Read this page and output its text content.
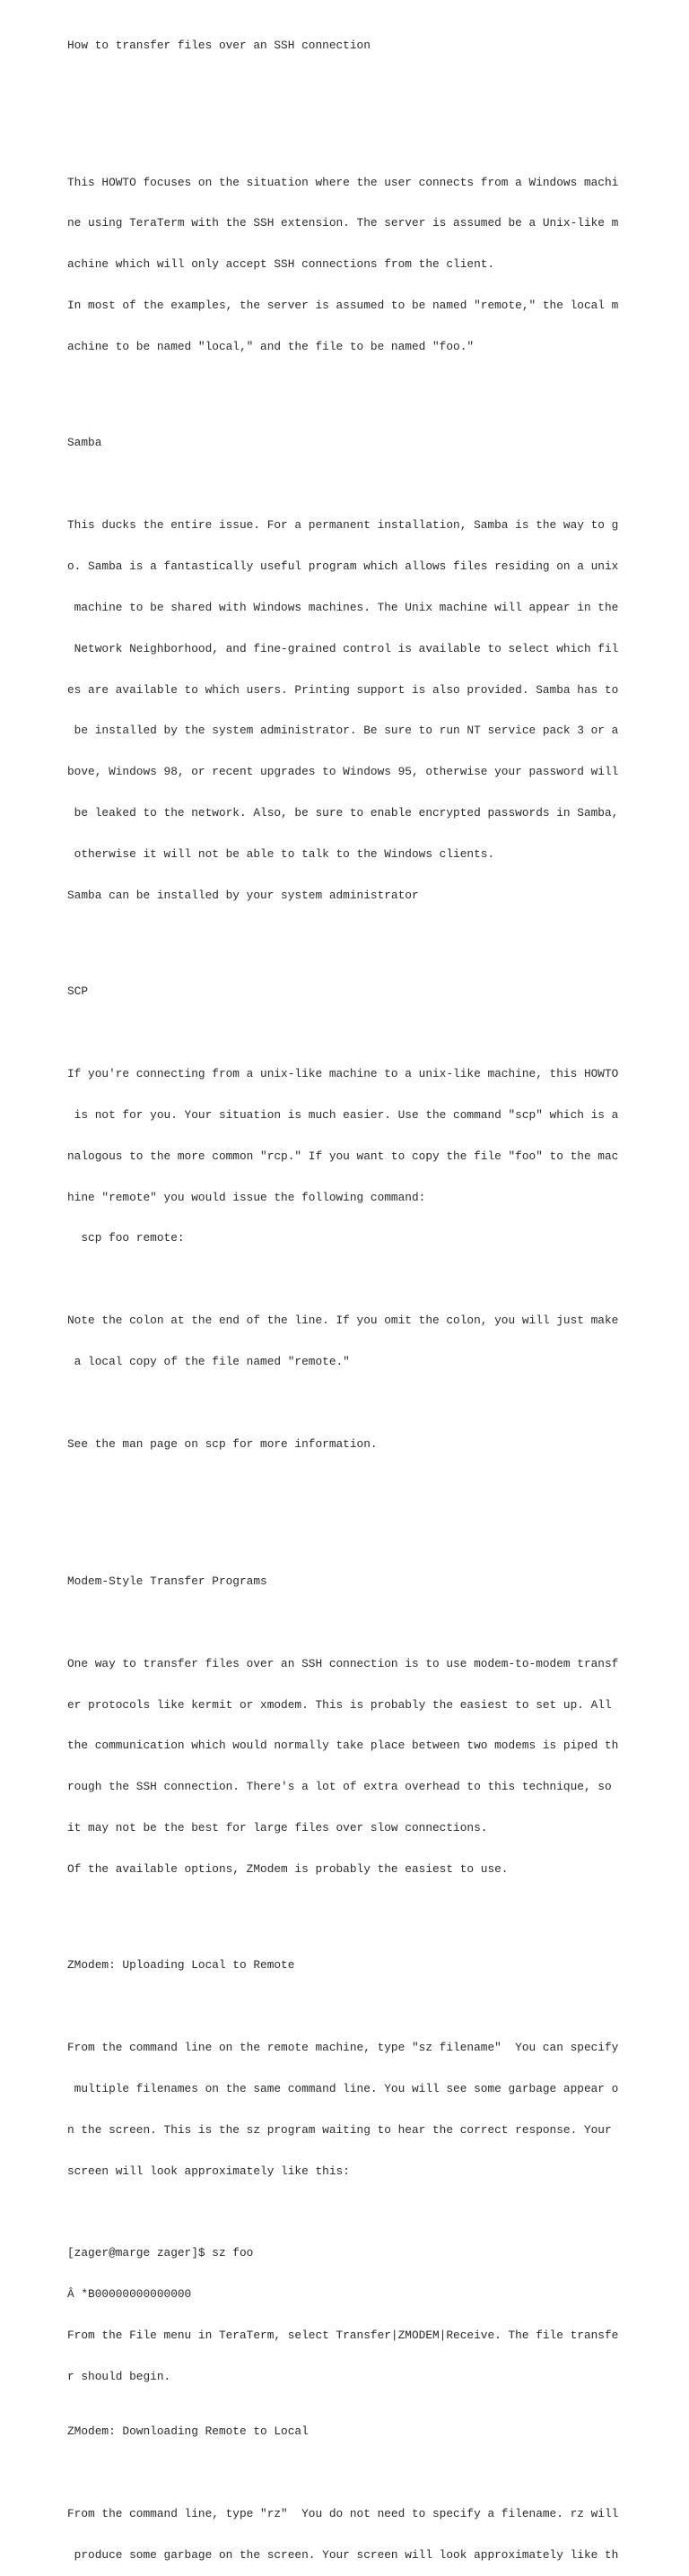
How to transfer files over an SSH connection

This HOWTO focuses on the situation where the user connects from a Windows machi

ne using TeraTerm with the SSH extension. The server is assumed be a Unix-like m

achine which will only accept SSH connections from the client.

In most of the examples, the server is assumed to be named "remote," the local m

achine to be named "local," and the file to be named "foo."

Samba

This ducks the entire issue. For a permanent installation, Samba is the way to g

o. Samba is a fantastically useful program which allows files residing on a unix

machine to be shared with Windows machines. The Unix machine will appear in the

Network Neighborhood, and fine-grained control is available to select which fil

es are available to which users. Printing support is also provided. Samba has to

be installed by the system administrator. Be sure to run NT service pack 3 or a

bove, Windows 98, or recent upgrades to Windows 95, otherwise your password will

be leaked to the network. Also, be sure to enable encrypted passwords in Samba,

otherwise it will not be able to talk to the Windows clients.

Samba can be installed by your system administrator

SCP

If you're connecting from a unix-like machine to a unix-like machine, this HOWTO

is not for you. Your situation is much easier. Use the command "scp" which is a

nalogous to the more common "rcp." If you want to copy the file "foo" to the mac

hine "remote" you would issue the following command:

scp foo remote:

Note the colon at the end of the line. If you omit the colon, you will just make

a local copy of the file named "remote."

See the man page on scp for more information.

Modem-Style Transfer Programs

One way to transfer files over an SSH connection is to use modem-to-modem transf

er protocols like kermit or xmodem. This is probably the easiest to set up. All

the communication which would normally take place between two modems is piped th

rough the SSH connection. There's a lot of extra overhead to this technique, so

it may not be the best for large files over slow connections.

Of the available options, ZModem is probably the easiest to use.

ZModem: Uploading Local to Remote

From the command line on the remote machine, type "sz filename"  You can specify

multiple filenames on the same command line. You will see some garbage appear o

n the screen. This is the sz program waiting to hear the correct response. Your

screen will look approximately like this:

[zager@marge zager]$ sz foo

Â *B00000000000000

From the File menu in TeraTerm, select Transfer|ZMODEM|Receive. The file transfe

r should begin.

ZModem: Downloading Remote to Local

From the command line, type "rz"  You do not need to specify a filename. rz will

produce some garbage on the screen. Your screen will look approximately like th
